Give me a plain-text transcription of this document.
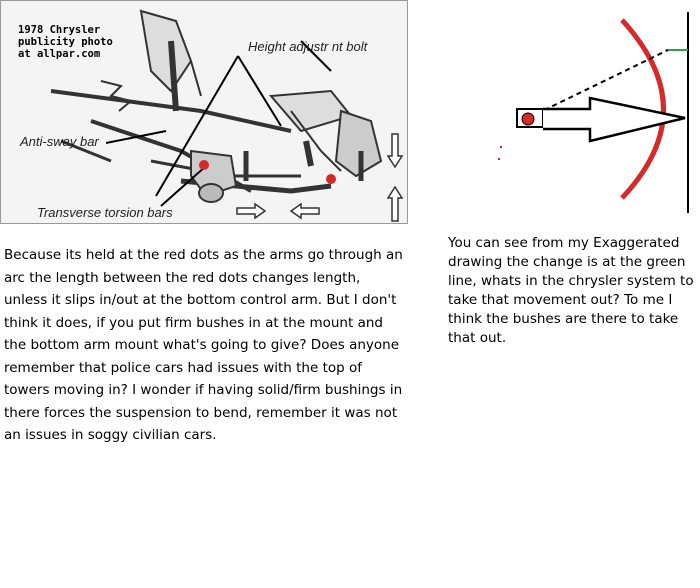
1978 Chrysler
publicity photo
at allpar.com	Height adjustr nt bolt
Anti-sway bar
Transverse torsion bars
Because its held at the red dots as the arms go through an arc the length between the red dots changes length, unless it slips in/out at the bottom control arm. But I don't think it does, if you put firm bushes in at the mount and the bottom arm mount what's going to give? Does anyone remember that police cars had issues with the top of towers moving in? I wonder if having solid/firm bushings in there forces the suspension to bend, remember it was not an issues in soggy civilian cars.
You can see from my Exaggerated drawing the change is at the green line, whats in the chrysler system to take that movement out? To me I think the bushes are there to take that out.
